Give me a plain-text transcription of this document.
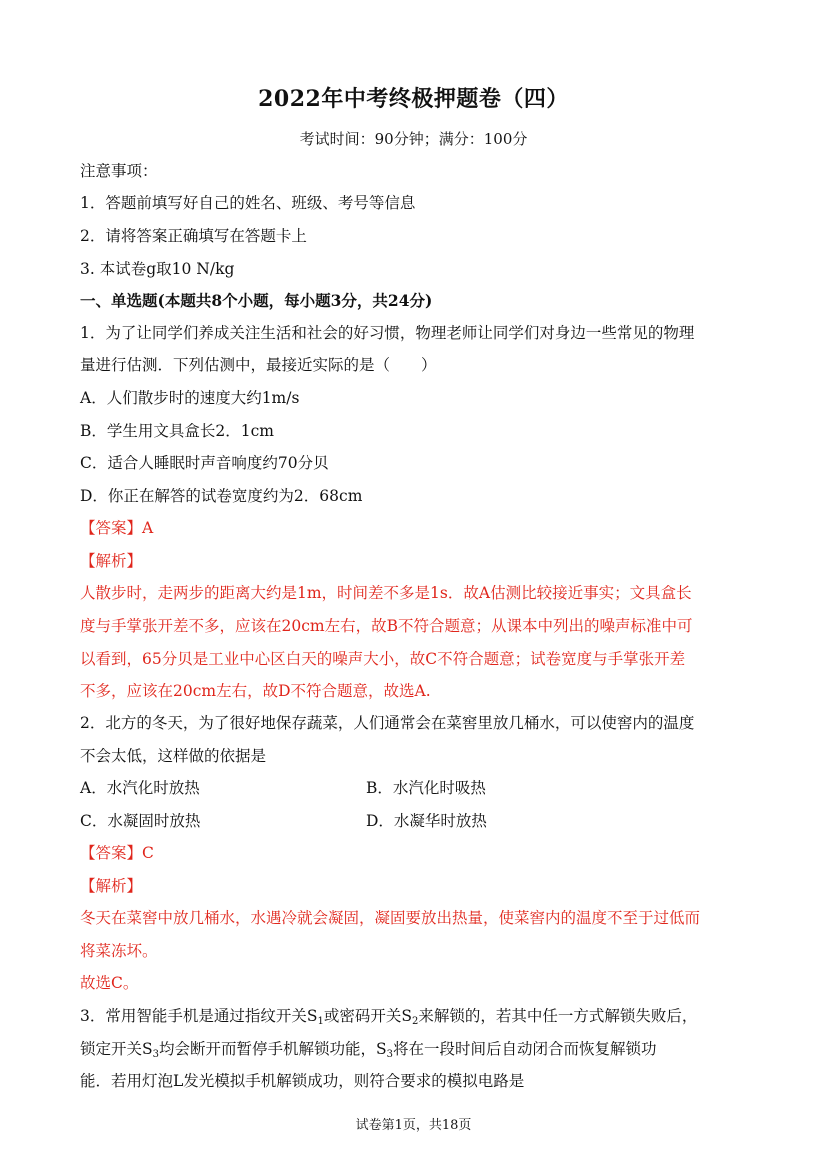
2022年中考终极押题卷（四）
考试时间：90分钟；满分：100分
注意事项：
1．答题前填写好自己的姓名、班级、考号等信息
2．请将答案正确填写在答题卡上
3. 本试卷g取10 N/kg
一、单选题(本题共8个小题，每小题3分，共24分)
1．为了让同学们养成关注生活和社会的好习惯，物理老师让同学们对身边一些常见的物理
量进行估测．下列估测中，最接近实际的是（　　）
A．人们散步时的速度大约1m/s
B．学生用文具盒长2．1cm
C．适合人睡眠时声音响度约70分贝
D．你正在解答的试卷宽度约为2．68cm
【答案】A
【解析】
人散步时，走两步的距离大约是1m，时间差不多是1s．故A估测比较接近事实；文具盒长
度与手掌张开差不多，应该在20cm左右，故B不符合题意；从课本中列出的噪声标准中可
以看到，65分贝是工业中心区白天的噪声大小，故C不符合题意；试卷宽度与手掌张开差
不多，应该在20cm左右，故D不符合题意，故选A.
2．北方的冬天，为了很好地保存蔬菜，人们通常会在菜窖里放几桶水，可以使窖内的温度
不会太低，这样做的依据是
A．水汽化时放热	B．水汽化时吸热
C．水凝固时放热	D．水凝华时放热
【答案】C
【解析】
冬天在菜窖中放几桶水，水遇冷就会凝固，凝固要放出热量，使菜窖内的温度不至于过低而
将菜冻坏。
故选C。
3．常用智能手机是通过指纹开关$S_1$或密码开关$S_2$来解锁的，若其中任一方式解锁失败后，
锁定开关$S_3$均会断开而暂停手机解锁功能，$S_3$将在一段时间后自动闭合而恢复解锁功
能．若用灯泡L发光模拟手机解锁成功，则符合要求的模拟电路是
试卷第1页，共18页
